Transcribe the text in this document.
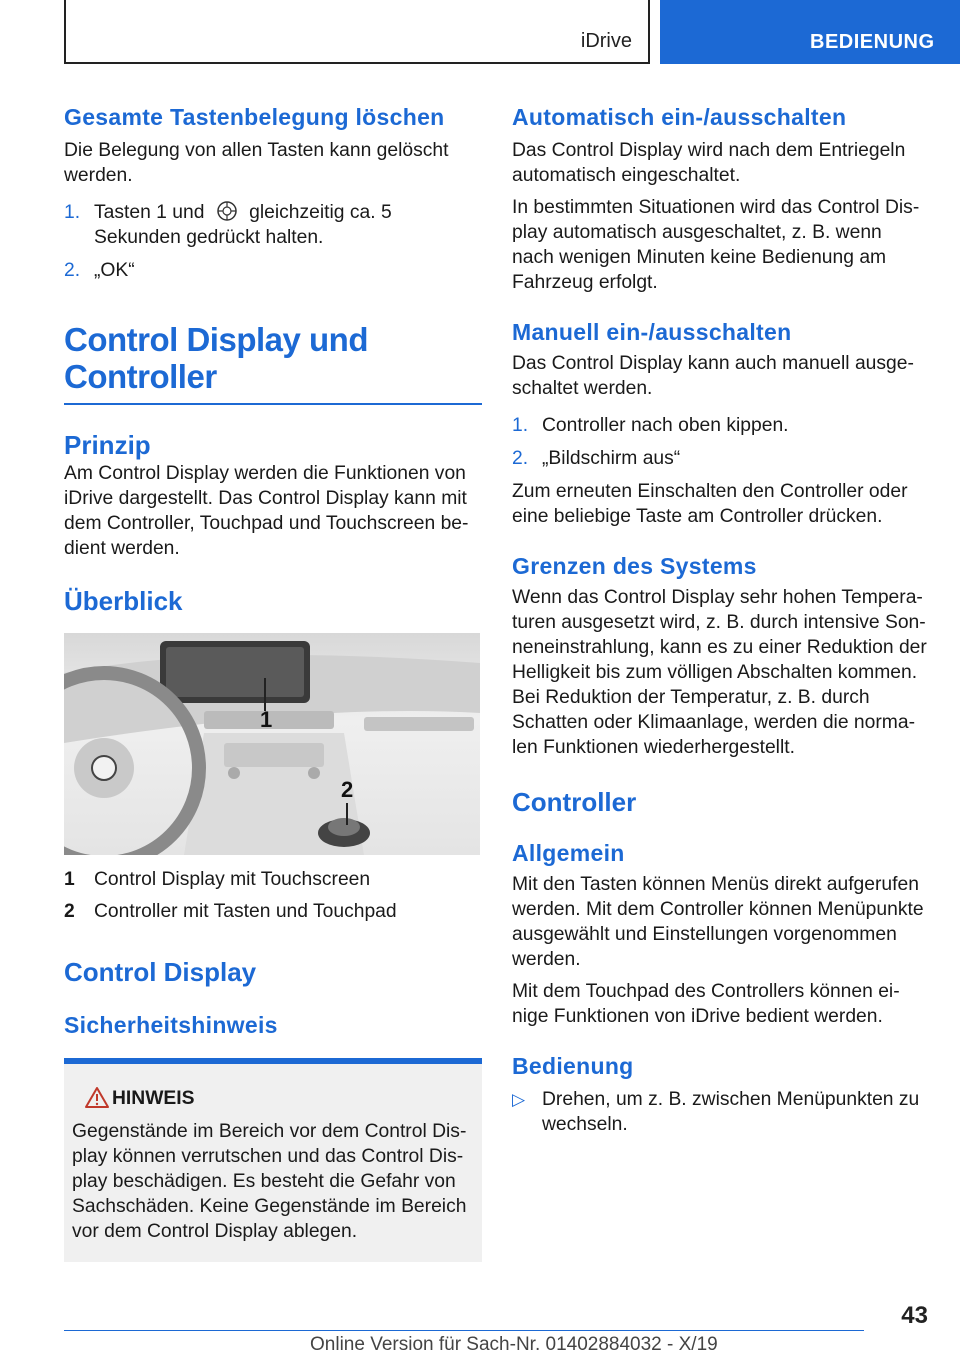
iDrive	BEDIENUNG
Gesamte Tastenbelegung löschen

Die Belegung von allen Tasten kann gelöscht werden.

1. Tasten 1 und gleichzeitig ca. 5 Sekunden gedrückt halten.
2. „OK“
Control Display und Controller
Prinzip

Am Control Display werden die Funktionen von iDrive dargestellt. Das Control Display kann mit dem Controller, Touchpad und Touchscreen bedient werden.

Überblick
1
2
1 Control Display mit Touchscreen
2 Controller mit Tasten und Touchpad
Control Display
Sicherheitshinweis
HINWEIS

Gegenstände im Bereich vor dem Control Display können verrutschen und das Control Display beschädigen. Es besteht die Gefahr von Sachschäden. Keine Gegenstände im Bereich vor dem Control Display ablegen.

Automatisch ein-/ausschalten

Das Control Display wird nach dem Entriegeln automatisch eingeschaltet.

In bestimmten Situationen wird das Control Display automatisch ausgeschaltet, z. B. wenn nach wenigen Minuten keine Bedienung am Fahrzeug erfolgt.

Manuell ein-/ausschalten

Das Control Display kann auch manuell ausgeschaltet werden.

1. Controller nach oben kippen.
2. „Bildschirm aus“

Zum erneuten Einschalten den Controller oder eine beliebige Taste am Controller drücken.

Grenzen des Systems

Wenn das Control Display sehr hohen Temperaturen ausgesetzt wird, z. B. durch intensive Sonneneinstrahlung, kann es zu einer Reduktion der Helligkeit bis zum völligen Abschalten kommen.

Bei Reduktion der Temperatur, z. B. durch Schatten oder Klimaanlage, werden die normalen Funktionen wiederhergestellt.

Controller
Allgemein

Mit den Tasten können Menüs direkt aufgerufen werden. Mit dem Controller können Menüpunkte ausgewählt und Einstellungen vorgenommen werden.

Mit dem Touchpad des Controllers können einige Funktionen von iDrive bedient werden.

Bedienung
▷ Drehen, um z. B. zwischen Menüpunkten zu wechseln.
43
Online Version für Sach-Nr. 01402884032 - X/19
